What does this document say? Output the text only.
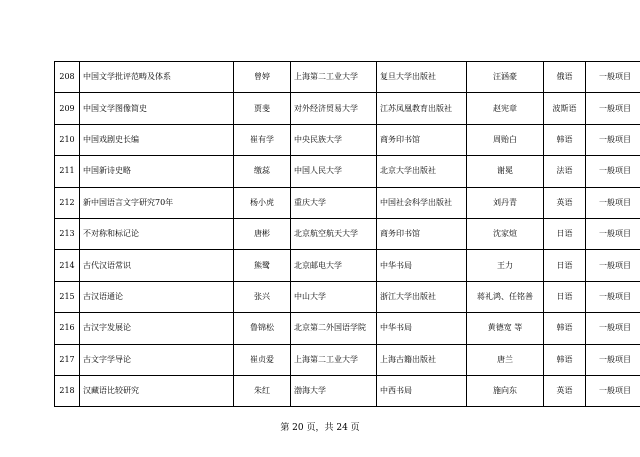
208	中国文学批评范畴及体系	曾婷	上海第二工业大学	复旦大学出版社	汪涵豪	俄语	一般项目
209	中国文学图像简史	贾斐	对外经济贸易大学	江苏凤凰教育出版社	赵宪章	波斯语	一般项目
210	中国戏剧史长编	崔有学	中央民族大学	商务印书馆	周贻白	韩语	一般项目
211	中国新诗史略	缴蕊	中国人民大学	北京大学出版社	谢冕	法语	一般项目
212	新中国语言文字研究70年	杨小虎	重庆大学	中国社会科学出版社	刘丹青	英语	一般项目
213	不对称和标记论	唐彬	北京航空航天大学	商务印书馆	沈家煊	日语	一般项目
214	古代汉语常识	熊鹭	北京邮电大学	中华书局	王力	日语	一般项目
215	古汉语通论	张兴	中山大学	浙江大学出版社	蒋礼鸿、任铭善	日语	一般项目
216	古汉字发展论	鲁锦松	北京第二外国语学院	中华书局	黄德宽 等	韩语	一般项目
217	古文字学导论	崔贞爱	上海第二工业大学	上海古籍出版社	唐兰	韩语	一般项目
218	汉藏语比较研究	朱红	渤海大学	中西书局	施向东	英语	一般项目
第 20 页，共 24 页
